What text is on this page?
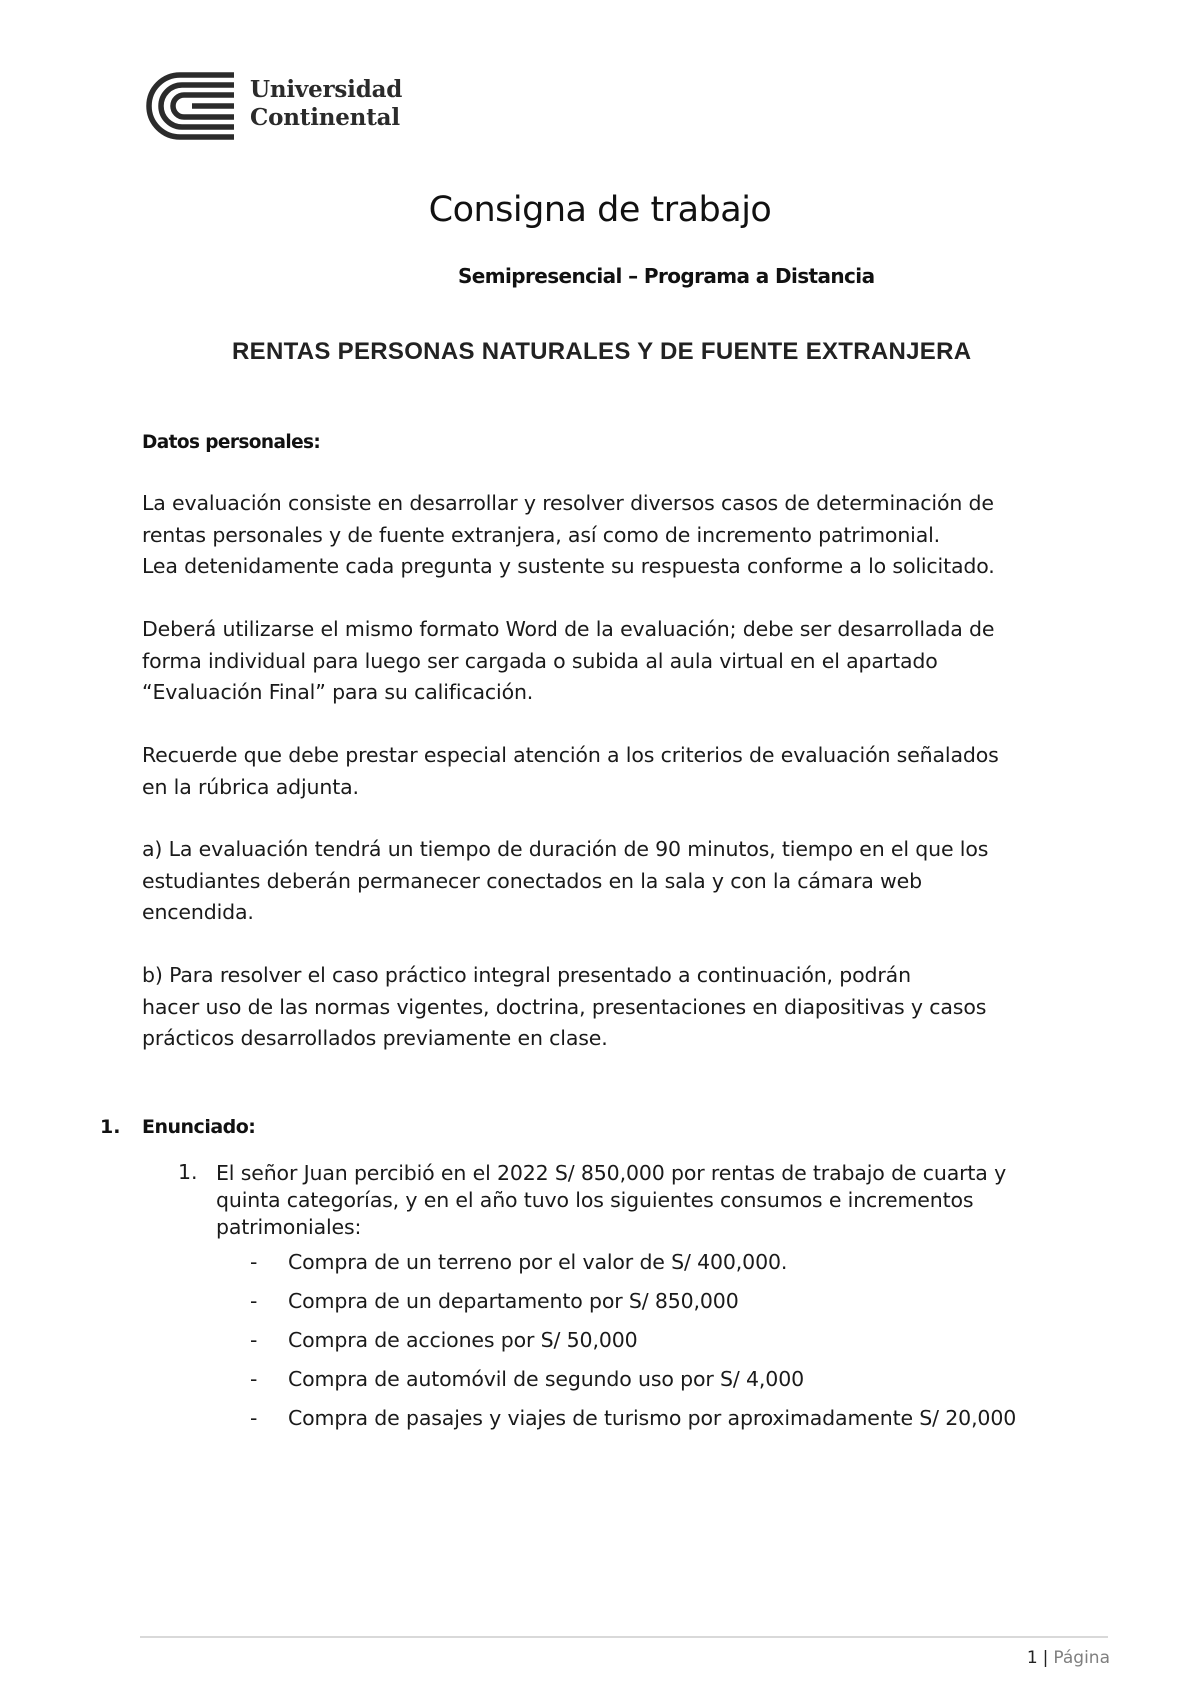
Universidad
Continental
Consigna de trabajo
Semipresencial – Programa a Distancia
RENTAS PERSONAS NATURALES Y DE FUENTE EXTRANJERA
Datos personales:

La evaluación consiste en desarrollar y resolver diversos casos de determinación de

rentas personales y de fuente extranjera, así como de incremento patrimonial.

Lea detenidamente cada pregunta y sustente su respuesta conforme a lo solicitado.

Deberá utilizarse el mismo formato Word de la evaluación; debe ser desarrollada de

forma individual para luego ser cargada o subida al aula virtual en el apartado

“Evaluación Final” para su calificación.

Recuerde que debe prestar especial atención a los criterios de evaluación señalados

en la rúbrica adjunta.

a) La evaluación tendrá un tiempo de duración de 90 minutos, tiempo en el que los

estudiantes deberán permanecer conectados en la sala y con la cámara web

encendida.

b) Para resolver el caso práctico integral presentado a continuación, podrán

hacer uso de las normas vigentes, doctrina, presentaciones en diapositivas y casos

prácticos desarrollados previamente en clase.

1. Enunciado:
1. El señor Juan percibió en el 2022 S/ 850,000 por rentas de trabajo de cuarta y
quinta categorías, y en el año tuvo los siguientes consumos e incrementos
patrimoniales:
- Compra de un terreno por el valor de S/ 400,000.
- Compra de un departamento por S/ 850,000
- Compra de acciones por S/ 50,000
- Compra de automóvil de segundo uso por S/ 4,000
- Compra de pasajes y viajes de turismo por aproximadamente S/ 20,000
1 | Página
